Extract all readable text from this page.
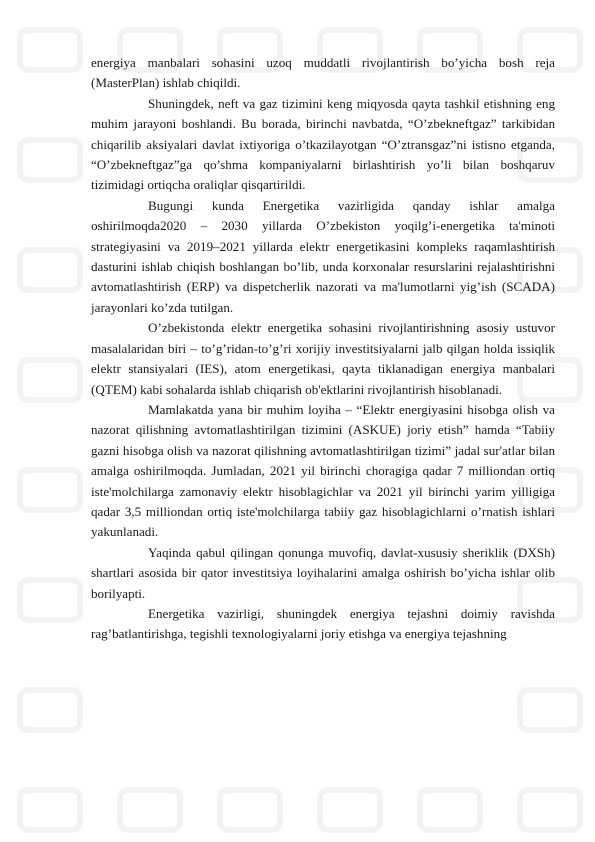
energiya manbalari sohasini uzoq muddatli rivojlantirish bo’yicha bosh reja (MasterPlan) ishlab chiqildi.

Shuningdek, neft va gaz tizimini keng miqyosda qayta tashkil etishning eng muhim jarayoni boshlandi. Bu borada, birinchi navbatda, “O’zbekneftgaz” tarkibidan chiqarilib aksiyalari davlat ixtiyoriga o’tkazilayotgan “O’ztransgaz”ni istisno etganda, “O’zbekneftgaz”ga qo’shma kompaniyalarni birlashtirish yo’li bilan boshqaruv tizimidagi ortiqcha oraliqlar qisqartirildi.

Bugungi kunda Energetika vazirligida qanday ishlar amalga oshirilmoqda2020 – 2030 yillarda O’zbekiston yoqilg’i-energetika ta'minoti strategiyasini va 2019–2021 yillarda elektr energetikasini kompleks raqamlashtirish dasturini ishlab chiqish boshlangan bo’lib, unda korxonalar resurslarini rejalashtirishni avtomatlashtirish (ERP) va dispetcherlik nazorati va ma'lumotlarni yig’ish (SCADA) jarayonlari ko’zda tutilgan.

O’zbekistonda elektr energetika sohasini rivojlantirishning asosiy ustuvor masalalaridan biri – to’g’ridan-to’g’ri xorijiy investitsiyalarni jalb qilgan holda issiqlik elektr stansiyalari (IES), atom energetikasi, qayta tiklanadigan energiya manbalari (QTEM) kabi sohalarda ishlab chiqarish ob'ektlarini rivojlantirish hisoblanadi.

Mamlakatda yana bir muhim loyiha – “Elektr energiyasini hisobga olish va nazorat qilishning avtomatlashtirilgan tizimini (ASKUE) joriy etish” hamda “Tabiiy gazni hisobga olish va nazorat qilishning avtomatlashtirilgan tizimi” jadal sur'atlar bilan amalga oshirilmoqda. Jumladan, 2021 yil birinchi choragiga qadar 7 milliondan ortiq iste'molchilarga zamonaviy elektr hisoblagichlar va 2021 yil birinchi yarim yilligiga qadar 3,5 milliondan ortiq iste'molchilarga tabiiy gaz hisoblagichlarni o’rnatish ishlari yakunlanadi.

Yaqinda qabul qilingan qonunga muvofiq, davlat-xususiy sheriklik (DXSh) shartlari asosida bir qator investitsiya loyihalarini amalga oshirish bo’yicha ishlar olib borilyapti.

Energetika vazirligi, shuningdek energiya tejashni doimiy ravishda rag’batlantirishga, tegishli texnologiyalarni joriy etishga va energiya tejashning
